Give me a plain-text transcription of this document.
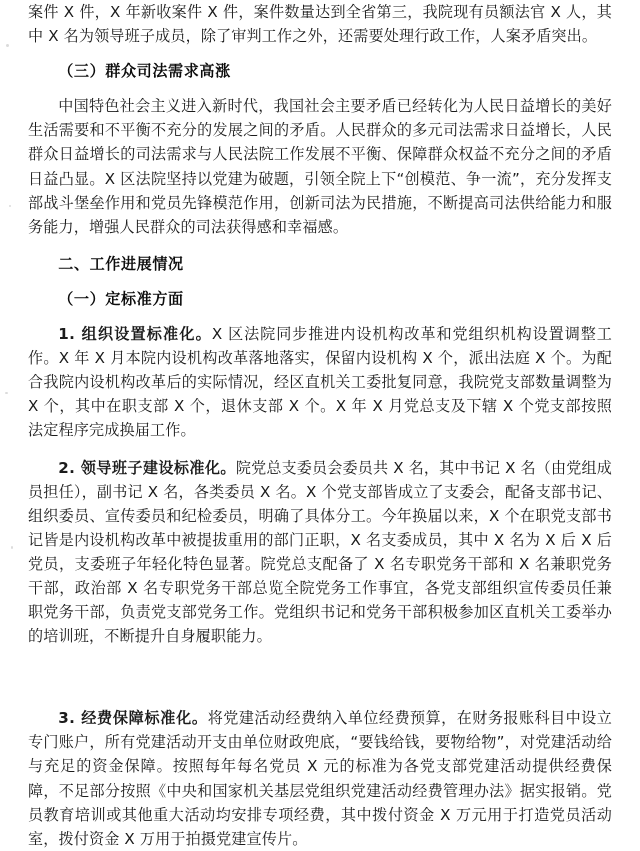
案件 X 件，X 年新收案件 X 件，案件数量达到全省第三，我院现有员额法官 X 人，其中 X 名为领导班子成员，除了审判工作之外，还需要处理行政工作，人案矛盾突出。

（三）群众司法需求高涨

中国特色社会主义进入新时代，我国社会主要矛盾已经转化为人民日益增长的美好生活需要和不平衡不充分的发展之间的矛盾。人民群众的多元司法需求日益增长，人民群众日益增长的司法需求与人民法院工作发展不平衡、保障群众权益不充分之间的矛盾日益凸显。X 区法院坚持以党建为破题，引领全院上下“创模范、争一流”，充分发挥支部战斗堡垒作用和党员先锋模范作用，创新司法为民措施，不断提高司法供给能力和服务能力，增强人民群众的司法获得感和幸福感。

二、工作进展情况
（一）定标准方面

1. 组织设置标准化。X 区法院同步推进内设机构改革和党组织机构设置调整工作。X 年 X 月本院内设机构改革落地落实，保留内设机构 X 个，派出法庭 X 个。为配合我院内设机构改革后的实际情况，经区直机关工委批复同意，我院党支部数量调整为 X 个，其中在职支部 X 个，退休支部 X 个。X 年 X 月党总支及下辖 X 个党支部按照法定程序完成换届工作。

2. 领导班子建设标准化。院党总支委员会委员共 X 名，其中书记 X 名（由党组成员担任），副书记 X 名，各类委员 X 名。X 个党支部皆成立了支委会，配备支部书记、组织委员、宣传委员和纪检委员，明确了具体分工。今年换届以来，X 个在职党支部书记皆是内设机构改革中被提拔重用的部门正职，X 名支委成员，其中 X 名为 X 后 X 后党员，支委班子年轻化特色显著。院党总支配备了 X 名专职党务干部和 X 名兼职党务干部，政治部 X 名专职党务干部总览全院党务工作事宜，各党支部组织宣传委员任兼职党务干部，负责党支部党务工作。党组织书记和党务干部积极参加区直机关工委举办的培训班，不断提升自身履职能力。

3. 经费保障标准化。将党建活动经费纳入单位经费预算，在财务报账科目中设立专门账户，所有党建活动开支由单位财政兜底，“要钱给钱，要物给物”，对党建活动给与充足的资金保障。按照每年每名党员 X 元的标准为各党支部党建活动提供经费保障，不足部分按照《中央和国家机关基层党组织党建活动经费管理办法》据实报销。党员教育培训或其他重大活动均安排专项经费，其中拨付资金 X 万元用于打造党员活动室，拨付资金 X 万用于拍摄党建宣传片。
